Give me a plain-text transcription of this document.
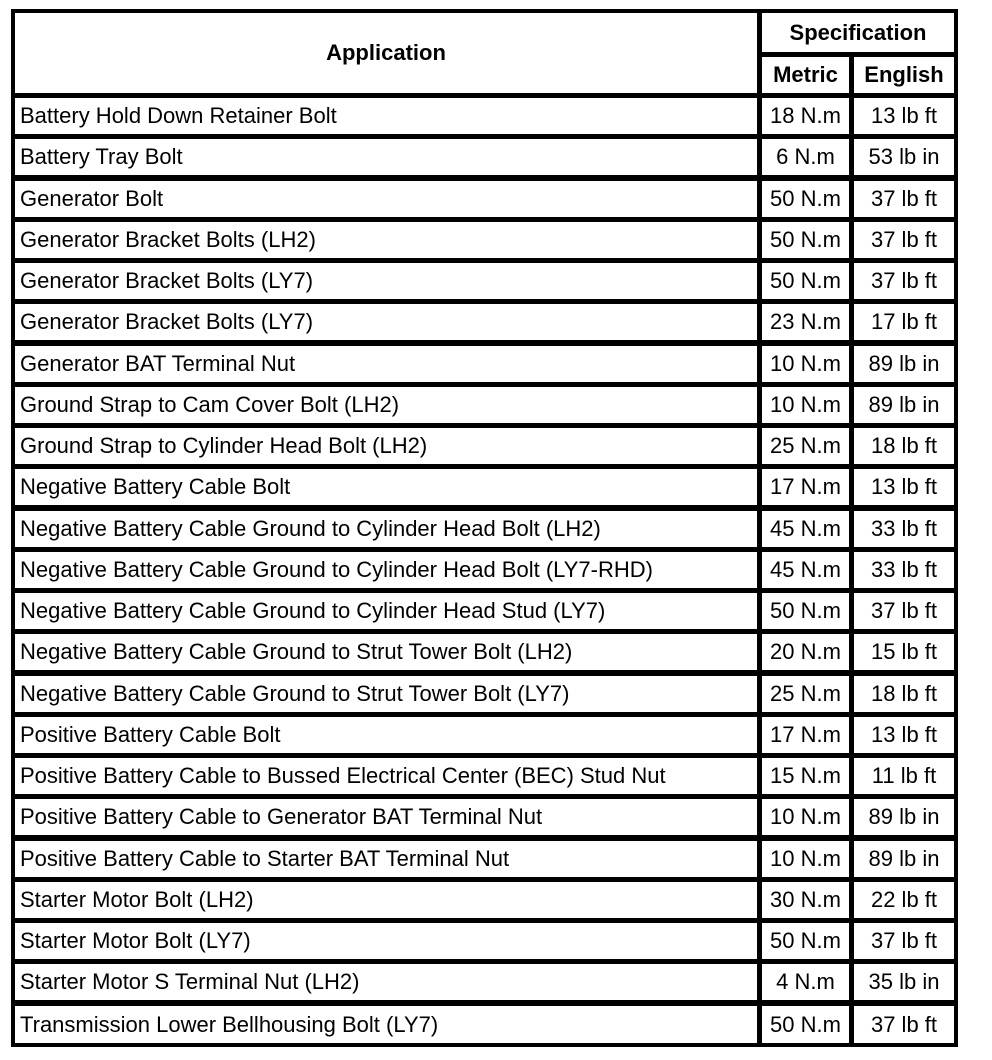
Application
Specification
Metric	English
Battery Hold Down Retainer Bolt	18 N.m	13 lb ft
Battery Tray Bolt	6 N.m	53 lb in
Generator Bolt	50 N.m	37 lb ft
Generator Bracket Bolts (LH2)	50 N.m	37 lb ft
Generator Bracket Bolts (LY7)	50 N.m	37 lb ft
Generator Bracket Bolts (LY7)	23 N.m	17 lb ft
Generator BAT Terminal Nut	10 N.m	89 lb in
Ground Strap to Cam Cover Bolt (LH2)	10 N.m	89 lb in
Ground Strap to Cylinder Head Bolt (LH2)	25 N.m	18 lb ft
Negative Battery Cable Bolt	17 N.m	13 lb ft
Negative Battery Cable Ground to Cylinder Head Bolt (LH2)	45 N.m	33 lb ft
Negative Battery Cable Ground to Cylinder Head Bolt (LY7-RHD)	45 N.m	33 lb ft
Negative Battery Cable Ground to Cylinder Head Stud (LY7)	50 N.m	37 lb ft
Negative Battery Cable Ground to Strut Tower Bolt (LH2)	20 N.m	15 lb ft
Negative Battery Cable Ground to Strut Tower Bolt (LY7)	25 N.m	18 lb ft
Positive Battery Cable Bolt	17 N.m	13 lb ft
Positive Battery Cable to Bussed Electrical Center (BEC) Stud Nut	15 N.m	11 lb ft
Positive Battery Cable to Generator BAT Terminal Nut	10 N.m	89 lb in
Positive Battery Cable to Starter BAT Terminal Nut	10 N.m	89 lb in
Starter Motor Bolt (LH2)	30 N.m	22 lb ft
Starter Motor Bolt (LY7)	50 N.m	37 lb ft
Starter Motor S Terminal Nut (LH2)	4 N.m	35 lb in
Transmission Lower Bellhousing Bolt (LY7)	50 N.m	37 lb ft
